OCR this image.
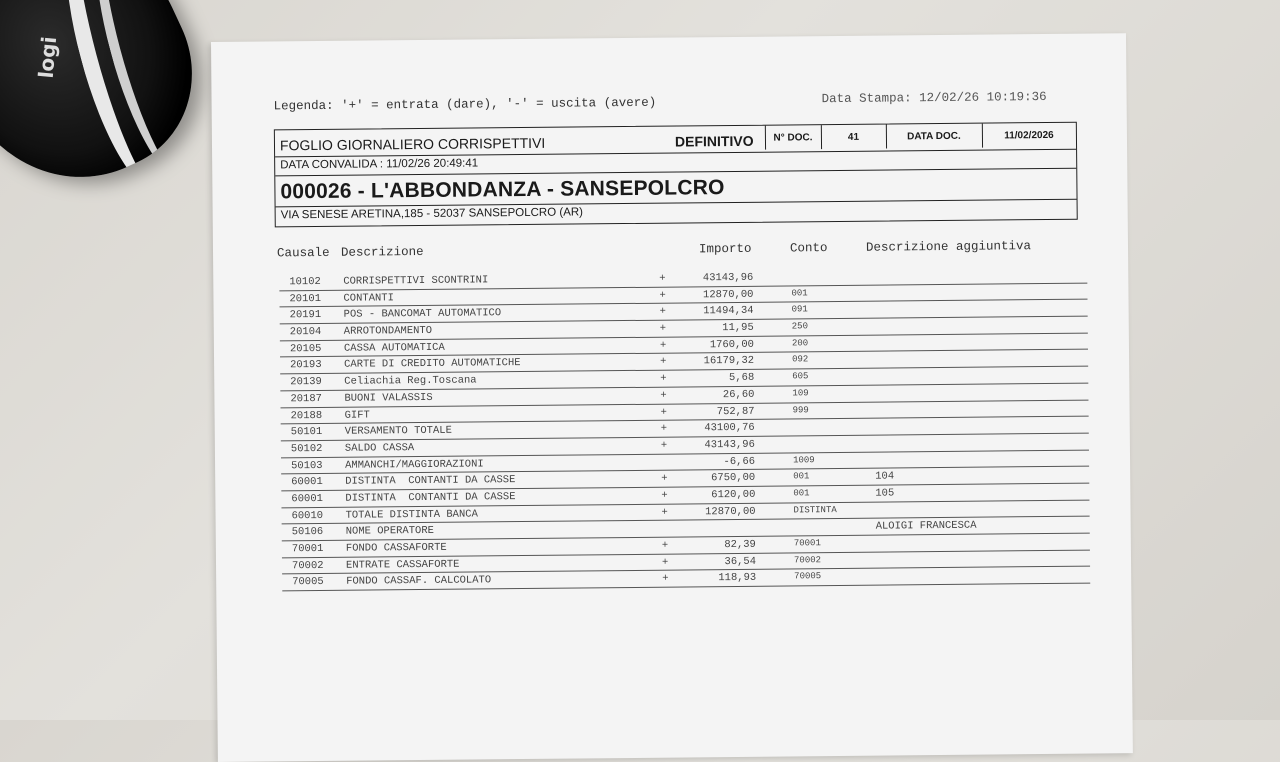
logi
Legenda: '+' = entrata (dare), '-' = uscita (avere)	Data Stampa: 12/02/26 10:19:36
FOGLIO GIORNALIERO CORRISPETTIVI	DEFINITIVO	N° DOC.	41	DATA DOC.	11/02/2026
DATA CONVALIDA : 11/02/26 20:49:41
000026 - L'ABBONDANZA - SANSEPOLCRO
VIA SENESE ARETINA,185 - 52037 SANSEPOLCRO (AR)
Causale Descrizione	Importo	Conto	Descrizione aggiuntiva
10102 CORRISPETTIVI SCONTRINI	+	43143,96
20101 CONTANTI	+	12870,00	001
20191 POS - BANCOMAT AUTOMATICO	+	11494,34	091
20104 ARROTONDAMENTO	+	11,95	250
20105 CASSA AUTOMATICA	+	1760,00	200
20193 CARTE DI CREDITO AUTOMATICHE	+	16179,32	092
20139 Celiachia Reg.Toscana	+	5,68	605
20187 BUONI VALASSIS	+	26,60	109
20188 GIFT	+	752,87	999
50101 VERSAMENTO TOTALE	+	43100,76
50102 SALDO CASSA	+	43143,96
50103 AMMANCHI/MAGGIORAZIONI	-6,66	1009
60001 DISTINTA  CONTANTI DA CASSE	+	6750,00	001	104
60001 DISTINTA  CONTANTI DA CASSE	+	6120,00	001	105
60010 TOTALE DISTINTA BANCA	+	12870,00	DISTINTA
50106 NOME OPERATORE	ALOIGI FRANCESCA
70001 FONDO CASSAFORTE	+	82,39	70001
70002 ENTRATE CASSAFORTE	+	36,54	70002
70005 FONDO CASSAF. CALCOLATO	+	118,93	70005
